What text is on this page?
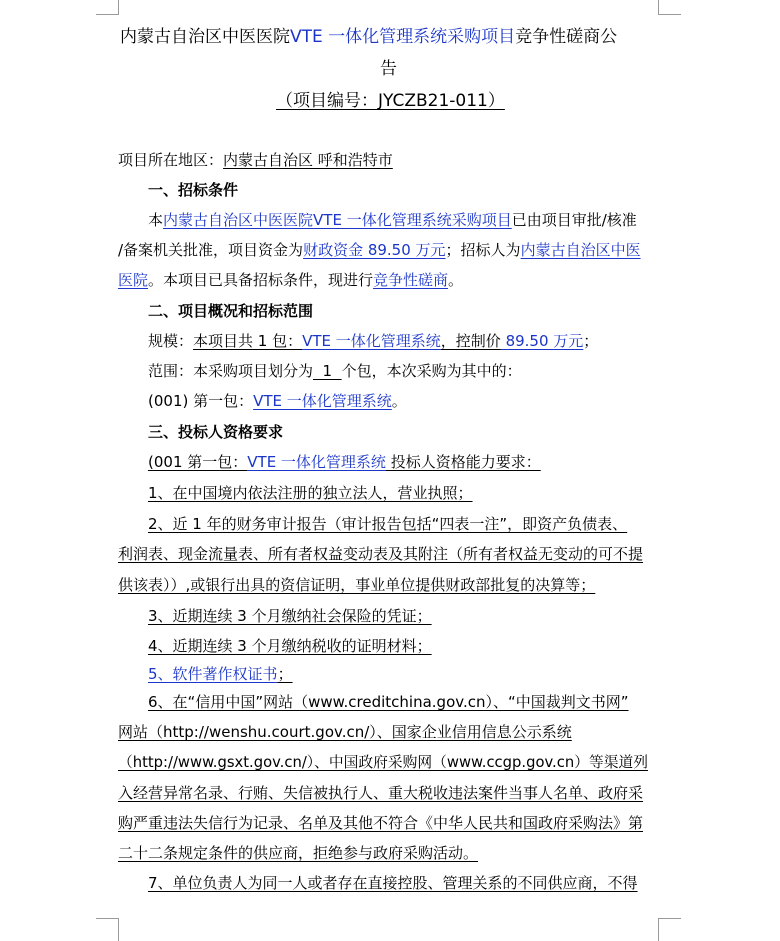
内蒙古自治区中医医院VTE 一体化管理系统采购项目竞争性磋商公
告
（项目编号：JYCZB21-011）
项目所在地区：内蒙古自治区 呼和浩特市
一、招标条件
本内蒙古自治区中医医院VTE 一体化管理系统采购项目已由项目审批/核准
/备案机关批准，项目资金为财政资金 89.50 万元；招标人为内蒙古自治区中医
医院。本项目已具备招标条件，现进行竞争性磋商。
二、项目概况和招标范围
规模：本项目共 1 包：VTE 一体化管理系统，控制价 89.50 万元；
范围：本采购项目划分为  1  个包，本次采购为其中的：
(001) 第一包：VTE 一体化管理系统。
三、投标人资格要求
(001 第一包：VTE 一体化管理系统 投标人资格能力要求：
1、在中国境内依法注册的独立法人，营业执照；
2、近 1 年的财务审计报告（审计报告包括“四表一注”，即资产负债表、
利润表、现金流量表、所有者权益变动表及其附注（所有者权益无变动的可不提
供该表））,或银行出具的资信证明，事业单位提供财政部批复的决算等；
3、近期连续 3 个月缴纳社会保险的凭证；
4、近期连续 3 个月缴纳税收的证明材料；
5、软件著作权证书；
6、在“信用中国”网站（www.creditchina.gov.cn）、“中国裁判文书网”
网站（http://wenshu.court.gov.cn/）、国家企业信用信息公示系统
（http://www.gsxt.gov.cn/）、中国政府采购网（www.ccgp.gov.cn）等渠道列
入经营异常名录、行贿、失信被执行人、重大税收违法案件当事人名单、政府采
购严重违法失信行为记录、名单及其他不符合《中华人民共和国政府采购法》第
二十二条规定条件的供应商，拒绝参与政府采购活动。
7、单位负责人为同一人或者存在直接控股、管理关系的不同供应商，不得
